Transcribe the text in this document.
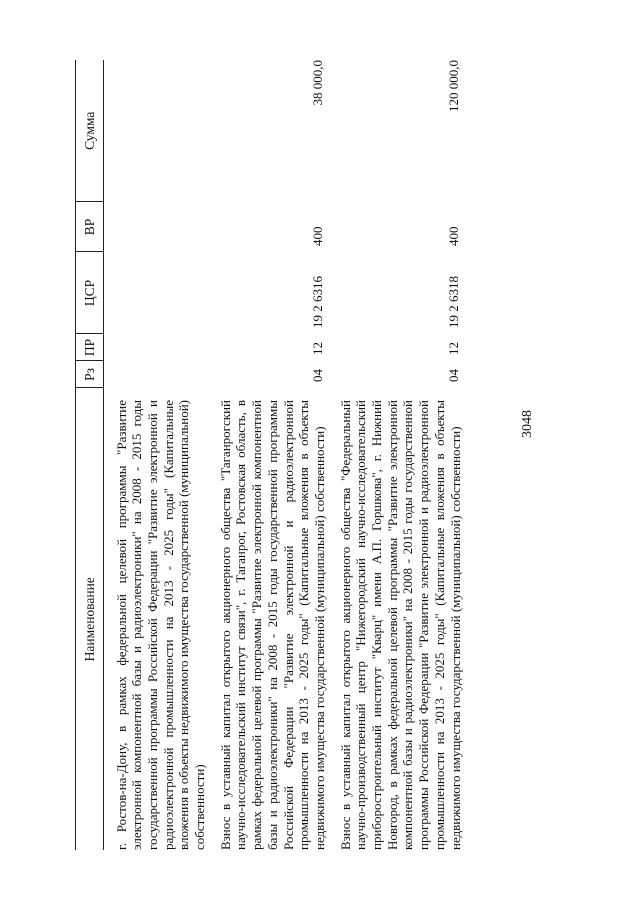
3048
Наименование	Рз	ПР	ЦСР	ВР	Сумма

г. Ростов-на-Дону, в рамках федеральной целевой программы "Развитие электронной компонентной базы и радиоэлектроники" на 2008 - 2015 годы государственной программы Российской Федерации "Развитие электронной и радиоэлектронной промышленности на 2013 - 2025 годы" (Капитальные вложения в объекты недвижимого имущества государственной (муниципальной) собственности)					

Взнос в уставный капитал открытого акционерного общества "Таганрогский научно-исследовательский институт связи", г. Таганрог, Ростовская область, в рамках федеральной целевой программы "Развитие электронной компонентной базы и радиоэлектроники" на 2008 - 2015 годы государственной программы Российской Федерации "Развитие электронной и радиоэлектронной промышленности на 2013 - 2025 годы" (Капитальные вложения в объекты недвижимого имущества государственной (муниципальной) собственности)	04	12	19 2 6316	400	38 000,0

Взнос в уставный капитал открытого акционерного общества "Федеральный научно-производственный центр "Нижегородский научно-исследовательский приборостроительный институт "Кварц" имени А.П. Горшкова", г. Нижний Новгород, в рамках федеральной целевой программы "Развитие электронной компонентной базы и радиоэлектроники" на 2008 - 2015 годы государственной программы Российской Федерации "Развитие электронной и радиоэлектронной промышленности на 2013 - 2025 годы" (Капитальные вложения в объекты недвижимого имущества государственной (муниципальной) собственности)	04	12	19 2 6318	400	120 000,0
